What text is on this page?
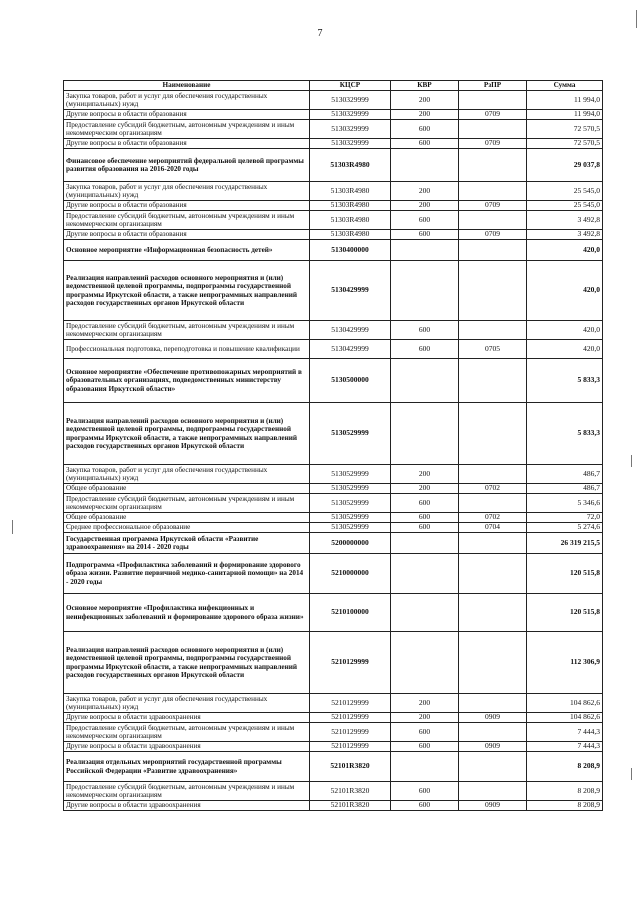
7
Наименование	КЦСР	КВР	РзПР	Сумма
Закупка товаров, работ и услуг для обеспечения государственных (муниципальных) нужд	5130329999	200		11 994,0
Другие вопросы в области образования	5130329999	200	0709	11 994,0
Предоставление субсидий бюджетным, автономным учреждениям и иным некоммерческим организациям	5130329999	600		72 570,5
Другие вопросы в области образования	5130329999	600	0709	72 570,5
Финансовое обеспечение мероприятий федеральной целевой программы развития образования на 2016-2020 годы	51303R4980			29 037,8
Закупка товаров, работ и услуг для обеспечения государственных (муниципальных) нужд	51303R4980	200		25 545,0
Другие вопросы в области образования	51303R4980	200	0709	25 545,0
Предоставление субсидий бюджетным, автономным учреждениям и иным некоммерческим организациям	51303R4980	600		3 492,8
Другие вопросы в области образования	51303R4980	600	0709	3 492,8
Основное мероприятие «Информационная безопасность детей»	5130400000			420,0
Реализация направлений расходов основного мероприятия и (или) ведомственной целевой программы, подпрограммы государственной программы Иркутской области, а также непрограммных направлений расходов государственных органов Иркутской области	5130429999			420,0
Предоставление субсидий бюджетным, автономным учреждениям и иным некоммерческим организациям	5130429999	600		420,0
Профессиональная подготовка, переподготовка и повышение квалификации	5130429999	600	0705	420,0
Основное мероприятие «Обеспечение противопожарных мероприятий в образовательных организациях, подведомственных министерству образования Иркутской области»	5130500000			5 833,3
Реализация направлений расходов основного мероприятия и (или) ведомственной целевой программы, подпрограммы государственной программы Иркутской области, а также непрограммных направлений расходов государственных органов Иркутской области	5130529999			5 833,3
Закупка товаров, работ и услуг для обеспечения государственных (муниципальных) нужд	5130529999	200		486,7
Общее образование	5130529999	200	0702	486,7
Предоставление субсидий бюджетным, автономным учреждениям и иным некоммерческим организациям	5130529999	600		5 346,6
Общее образование	5130529999	600	0702	72,0
Среднее профессиональное образование	5130529999	600	0704	5 274,6
Государственная программа Иркутской области «Развитие здравоохранения» на 2014 - 2020 годы	5200000000			26 319 215,5
Подпрограмма «Профилактика заболеваний и формирование здорового образа жизни. Развитие первичной медико-санитарной помощи» на 2014 - 2020 годы	5210000000			120 515,8
Основное мероприятие «Профилактика инфекционных и неинфекционных заболеваний и формирование здорового образа жизни»	5210100000			120 515,8
Реализация направлений расходов основного мероприятия и (или) ведомственной целевой программы, подпрограммы государственной программы Иркутской области, а также непрограммных направлений расходов государственных органов Иркутской области	5210129999			112 306,9
Закупка товаров, работ и услуг для обеспечения государственных (муниципальных) нужд	5210129999	200		104 862,6
Другие вопросы в области здравоохранения	5210129999	200	0909	104 862,6
Предоставление субсидий бюджетным, автономным учреждениям и иным некоммерческим организациям	5210129999	600		7 444,3
Другие вопросы в области здравоохранения	5210129999	600	0909	7 444,3
Реализация отдельных мероприятий государственной программы Российской Федерации «Развитие здравоохранения»	52101R3820			8 208,9
Предоставление субсидий бюджетным, автономным учреждениям и иным некоммерческим организациям	52101R3820	600		8 208,9
Другие вопросы в области здравоохранения	52101R3820	600	0909	8 208,9
